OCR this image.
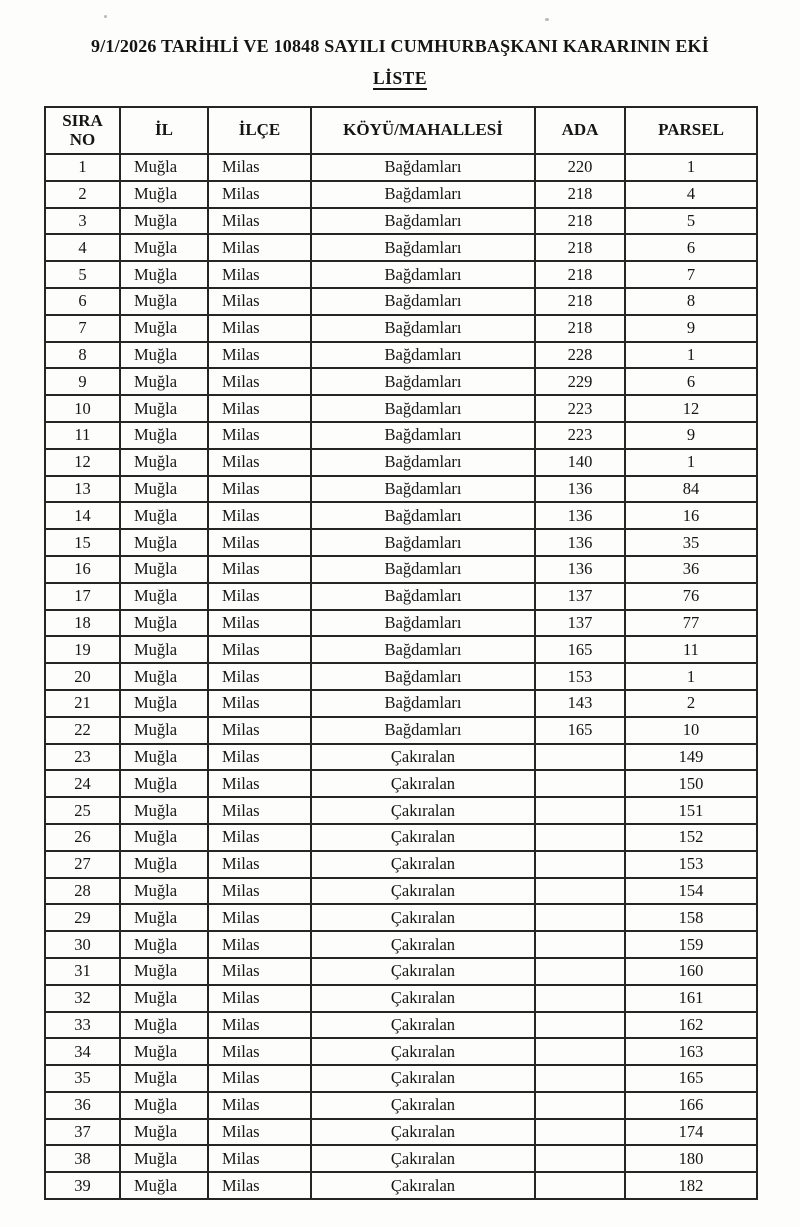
9/1/2026 TARİHLİ VE 10848 SAYILI CUMHURBAŞKANI KARARININ EKİ
LİSTE
SIRA NO	İL	İLÇE	KÖYÜ/MAHALLESİ	ADA	PARSEL
1	Muğla	Milas	Bağdamları	220	1
2	Muğla	Milas	Bağdamları	218	4
3	Muğla	Milas	Bağdamları	218	5
4	Muğla	Milas	Bağdamları	218	6
5	Muğla	Milas	Bağdamları	218	7
6	Muğla	Milas	Bağdamları	218	8
7	Muğla	Milas	Bağdamları	218	9
8	Muğla	Milas	Bağdamları	228	1
9	Muğla	Milas	Bağdamları	229	6
10	Muğla	Milas	Bağdamları	223	12
11	Muğla	Milas	Bağdamları	223	9
12	Muğla	Milas	Bağdamları	140	1
13	Muğla	Milas	Bağdamları	136	84
14	Muğla	Milas	Bağdamları	136	16
15	Muğla	Milas	Bağdamları	136	35
16	Muğla	Milas	Bağdamları	136	36
17	Muğla	Milas	Bağdamları	137	76
18	Muğla	Milas	Bağdamları	137	77
19	Muğla	Milas	Bağdamları	165	11
20	Muğla	Milas	Bağdamları	153	1
21	Muğla	Milas	Bağdamları	143	2
22	Muğla	Milas	Bağdamları	165	10
23	Muğla	Milas	Çakıralan		149
24	Muğla	Milas	Çakıralan		150
25	Muğla	Milas	Çakıralan		151
26	Muğla	Milas	Çakıralan		152
27	Muğla	Milas	Çakıralan		153
28	Muğla	Milas	Çakıralan		154
29	Muğla	Milas	Çakıralan		158
30	Muğla	Milas	Çakıralan		159
31	Muğla	Milas	Çakıralan		160
32	Muğla	Milas	Çakıralan		161
33	Muğla	Milas	Çakıralan		162
34	Muğla	Milas	Çakıralan		163
35	Muğla	Milas	Çakıralan		165
36	Muğla	Milas	Çakıralan		166
37	Muğla	Milas	Çakıralan		174
38	Muğla	Milas	Çakıralan		180
39	Muğla	Milas	Çakıralan		182
